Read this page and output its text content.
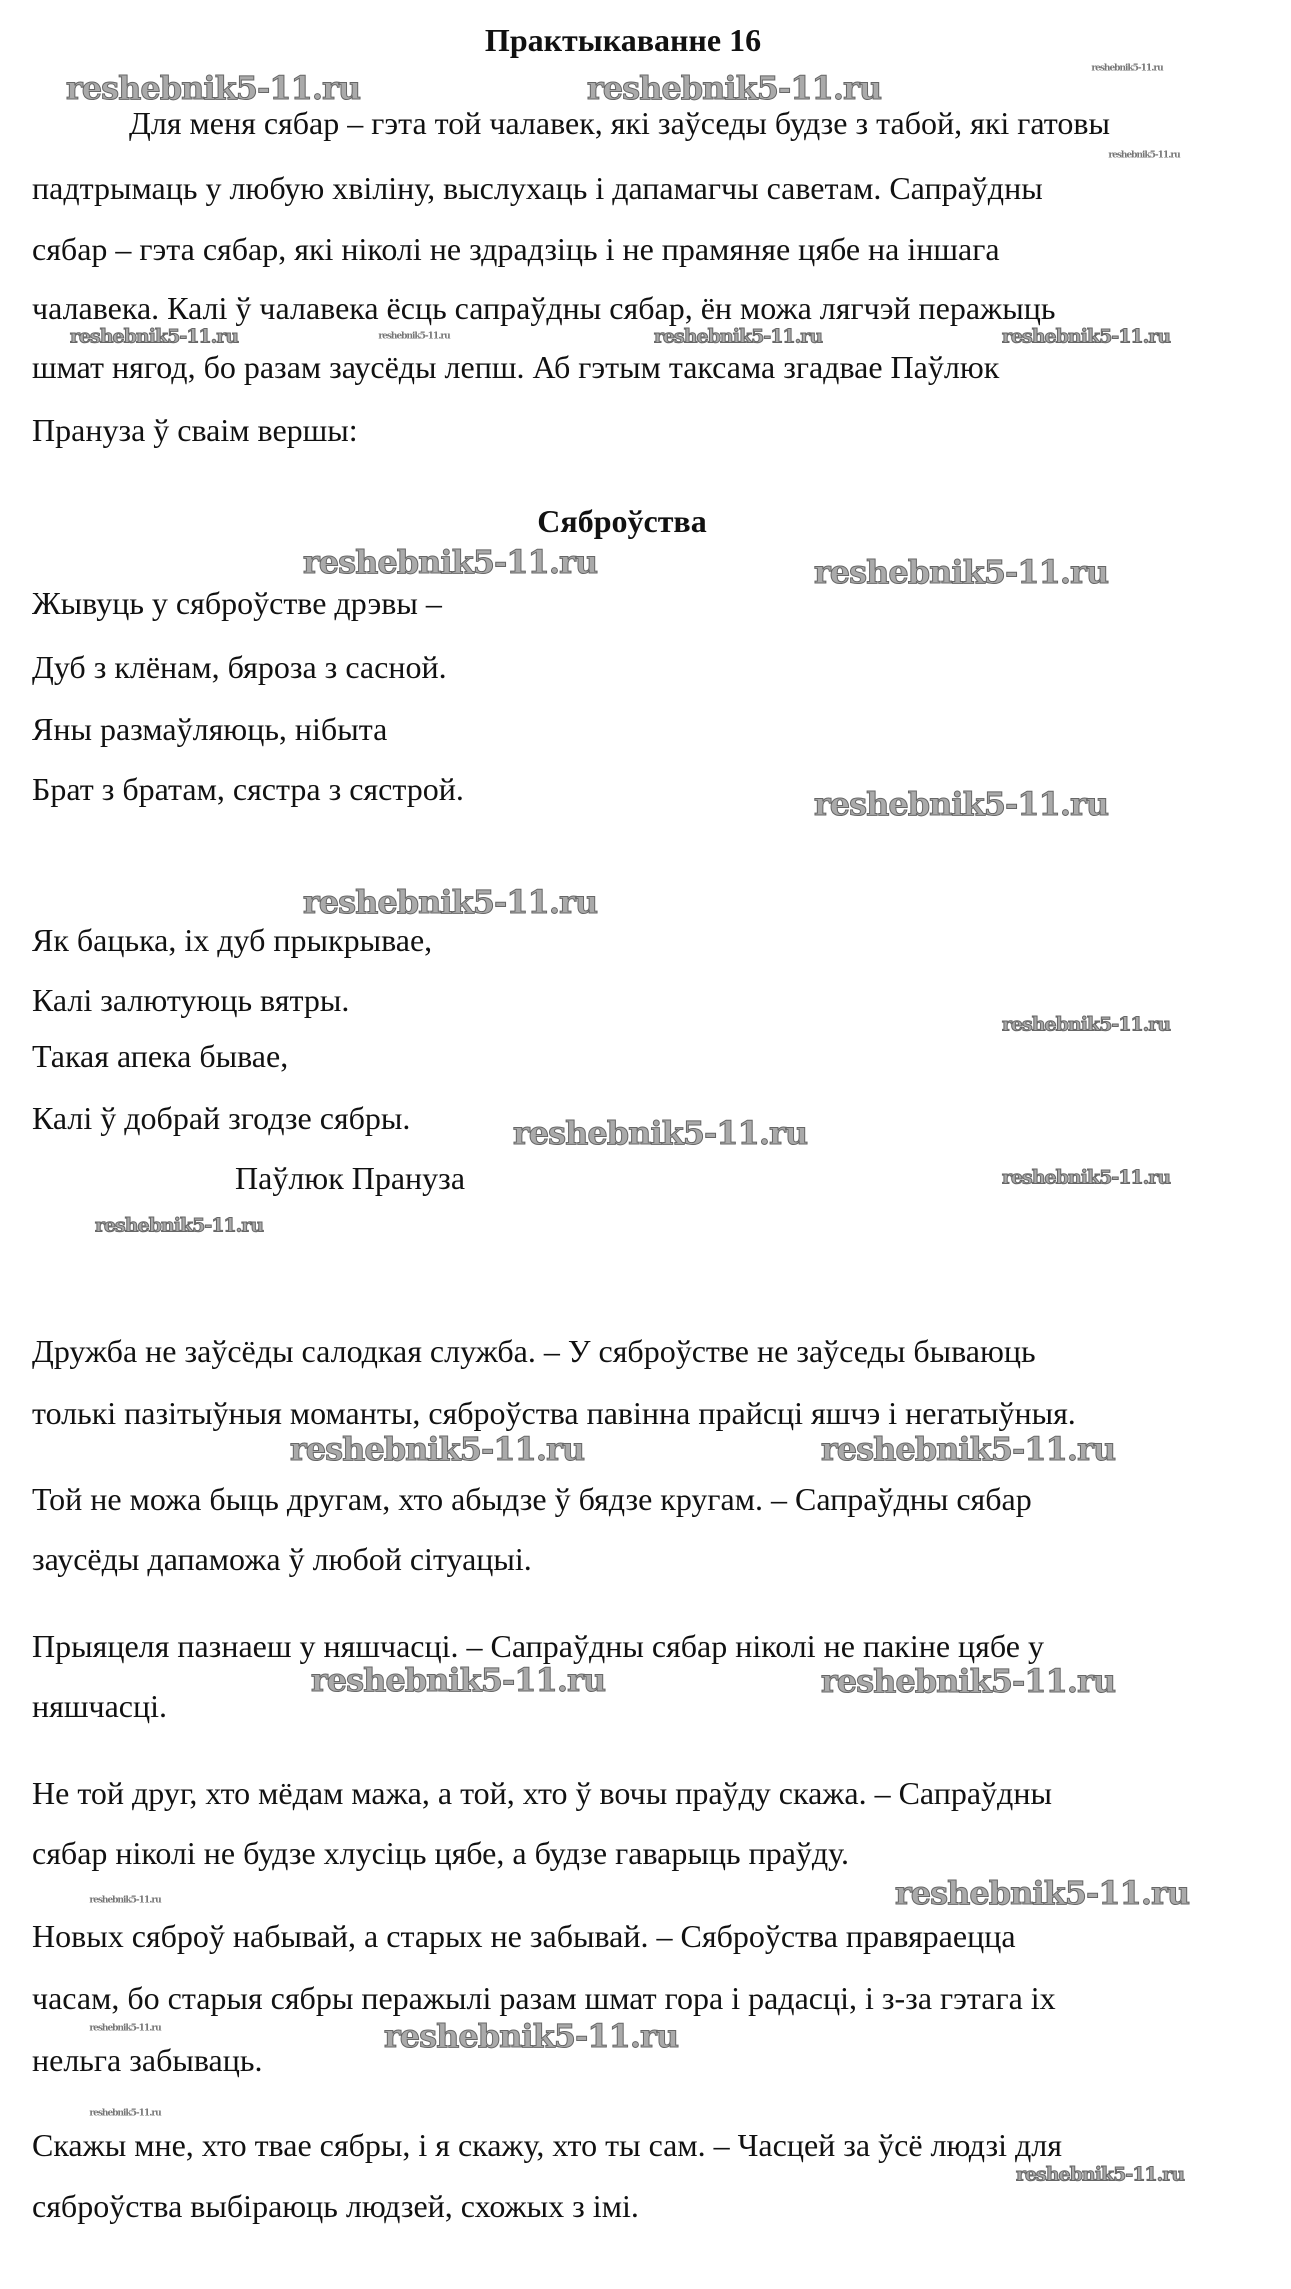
Практыкаванне 16
Для меня сябар – гэта той чалавек, які заўседы будзе з табой, які гатовы
падтрымаць у любую хвіліну, выслухаць і дапамагчы саветам. Сапраўдны
сябар – гэта сябар, які ніколі не здрадзіць і не прамяняе цябе на іншага
чалавека. Калі ў чалавека ёсць сапраўдны сябар, ён можа лягчэй перажыць
шмат нягод, бо разам заусёды лепш. Аб гэтым таксама згадвае Паўлюк
Прануза ў сваім вершы:
Сяброўства
Жывуць у сяброўстве дрэвы –
Дуб з клёнам, бяроза з сасной.
Яны размаўляюць, нібыта
Брат з братам, сястра з сястрой.
Як бацька, іх дуб прыкрывае,
Калі залютуюць вятры.
Такая апека бывае,
Калі ў добрай згодзе сябры.
Паўлюк Прануза
Дружба не заўсёды салодкая служба. – У сяброўстве не заўседы бываюць
толькі пазітыўныя моманты, сяброўства павінна прайсці яшчэ і негатыўныя.
Той не можа быць другам, хто абыдзе ў бядзе кругам. – Сапраўдны сябар
заусёды дапаможа ў любой сітуацыі.
Прыяцеля пазнаеш у няшчасці. – Сапраўдны сябар ніколі не пакіне цябе у
няшчасці.
Не той друг, хто мёдам мажа, а той, хто ў вочы праўду скажа. – Сапраўдны
сябар ніколі не будзе хлусіць цябе, а будзе гаварыць праўду.
Новых сяброў набывай, а старых не забывай. – Сяброўства правяраецца
часам, бо старыя сябры перажылі разам шмат гора і радасці, і з-за гэтага іх
нельга забываць.
Скажы мне, хто твае сябры, і я скажу, хто ты сам. – Часцей за ўсё людзі для
сяброўства выбіраюць людзей, схожых з імі.
reshebnik5-11.ru	reshebnik5-11.ru
reshebnik5-11.ru	reshebnik5-11.ru
reshebnik5-11.ru
reshebnik5-11.ru
reshebnik5-11.ru
reshebnik5-11.ru	reshebnik5-11.ru
reshebnik5-11.ru	reshebnik5-11.ru
reshebnik5-11.ru
reshebnik5-11.ru
reshebnik5-11.ru	reshebnik5-11.ru	reshebnik5-11.ru
reshebnik5-11.ru
reshebnik5-11.ru
reshebnik5-11.ru
reshebnik5-11.ru
reshebnik5-11.ru
reshebnik5-11.ru
reshebnik5-11.ru
reshebnik5-11.ru
reshebnik5-11.ru
reshebnik5-11.ru
